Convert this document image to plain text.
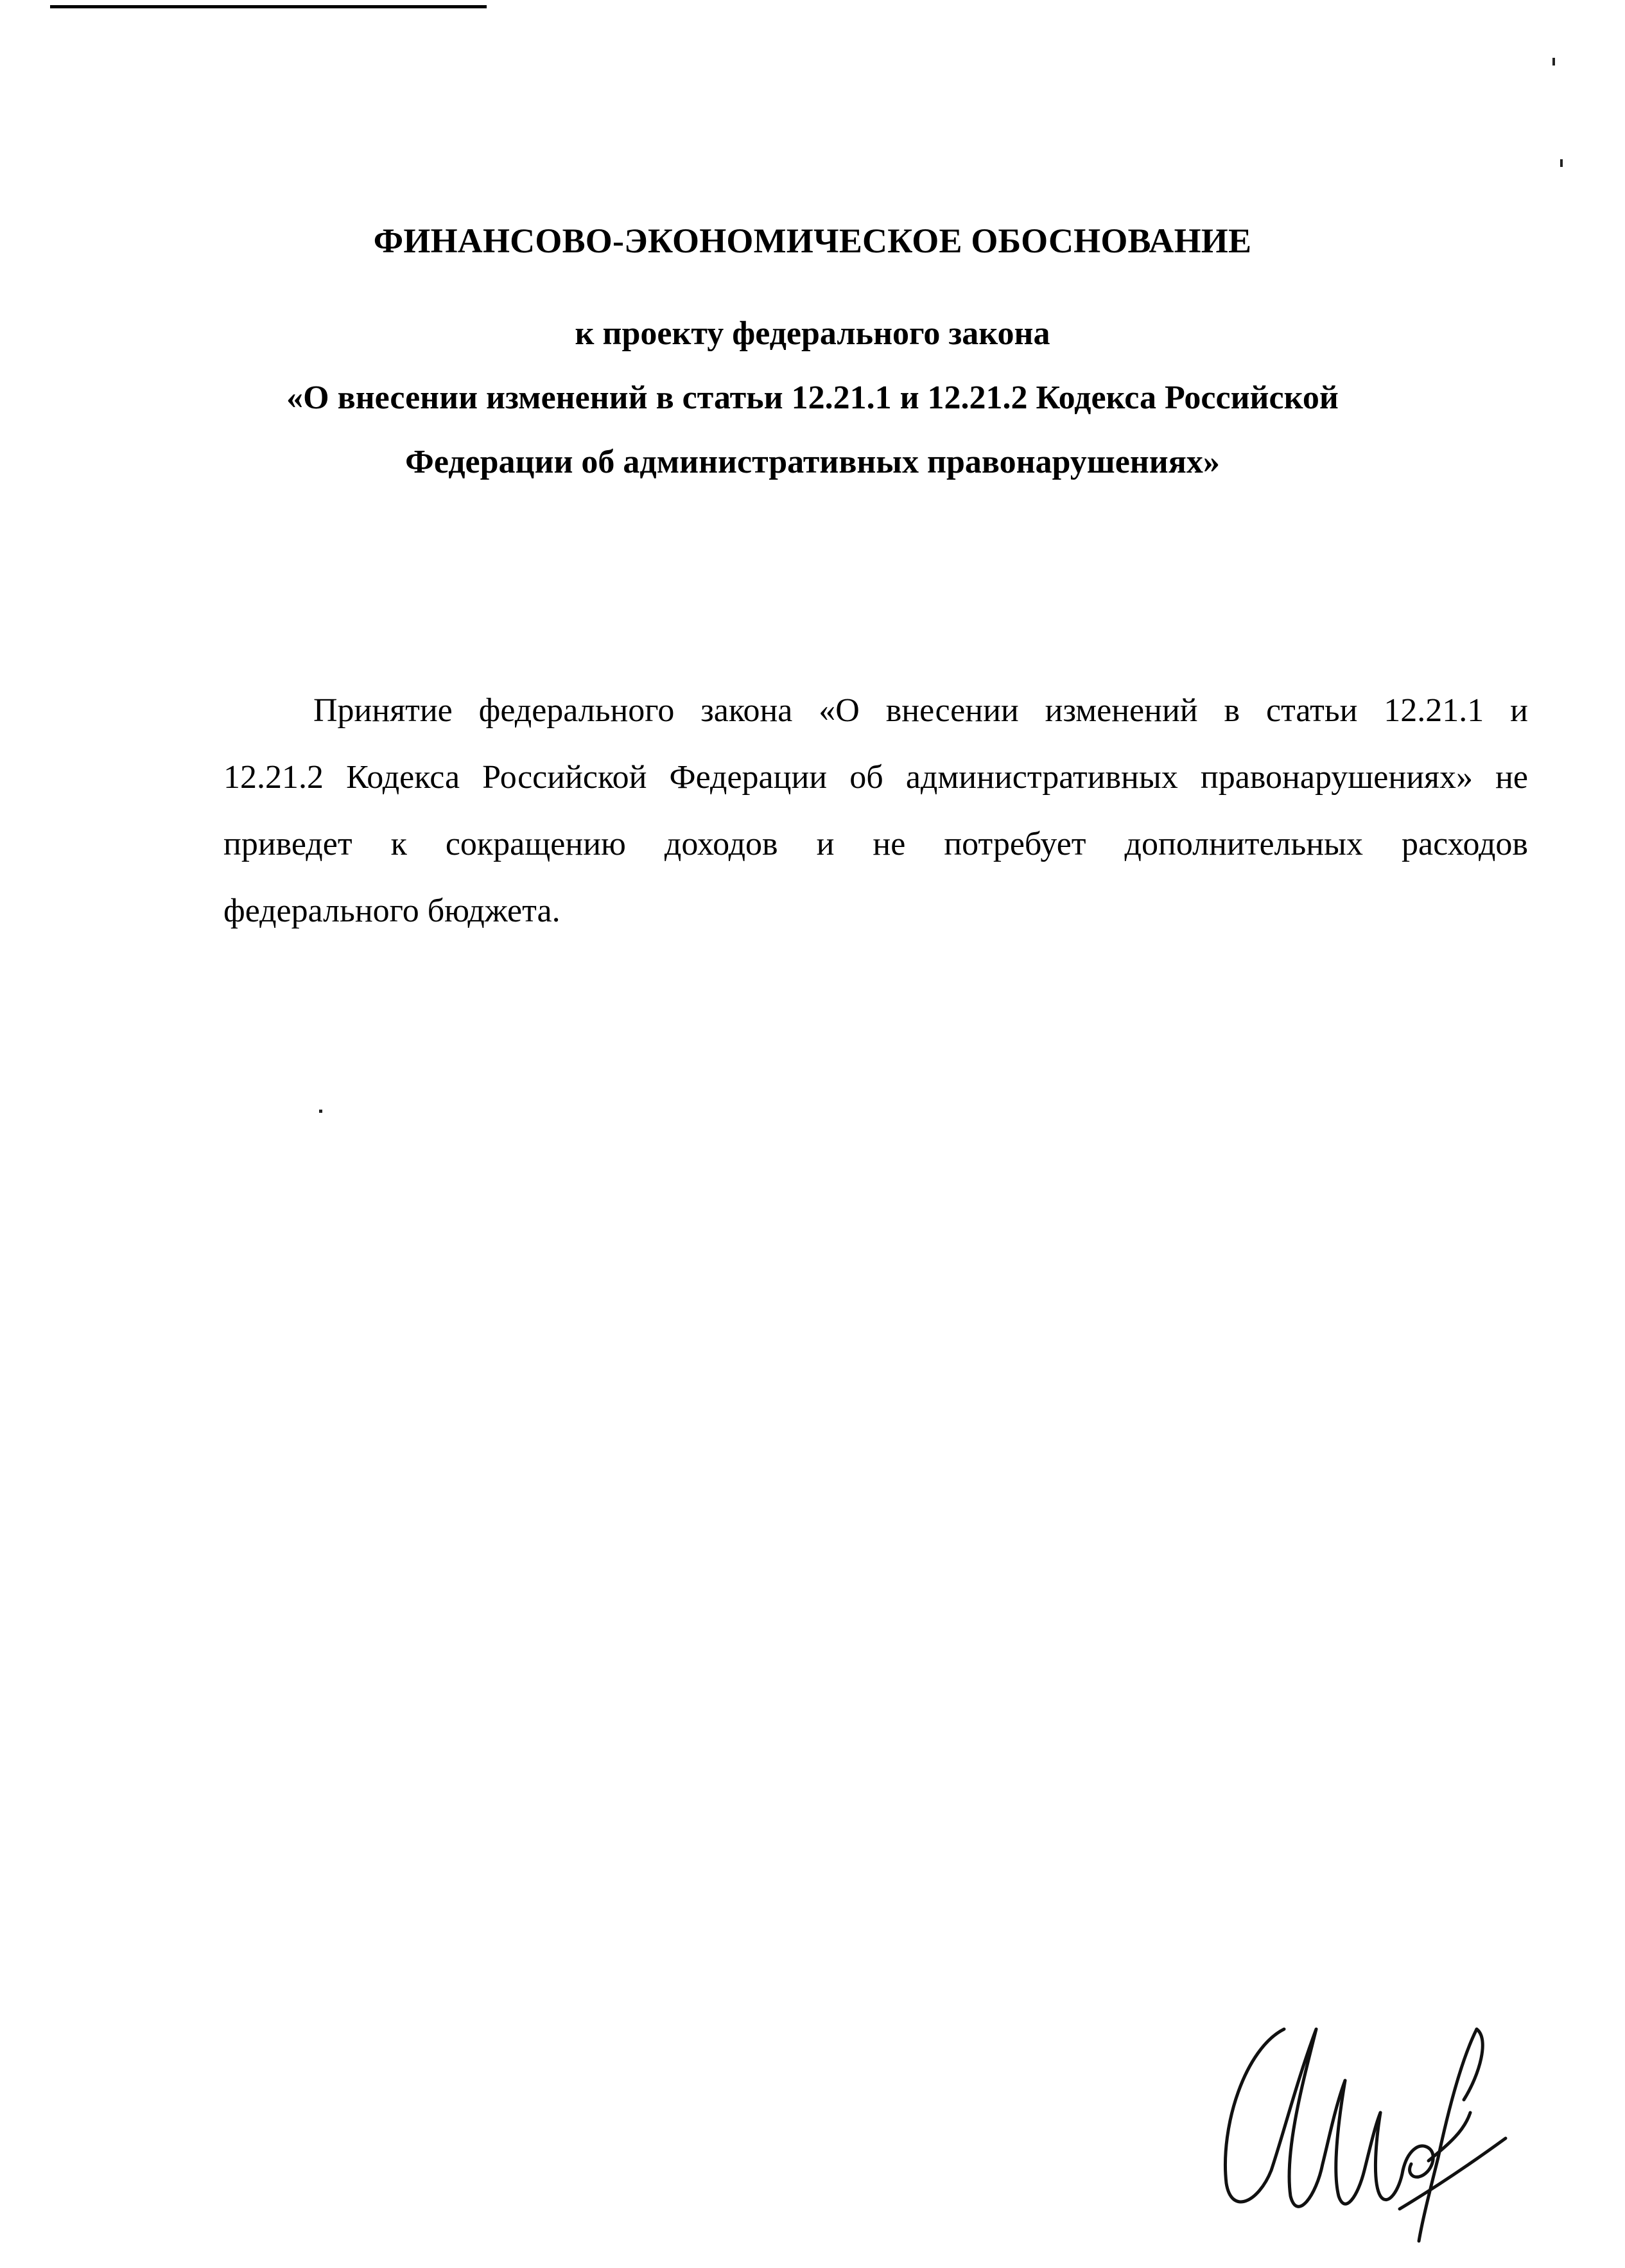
ФИНАНСОВО-ЭКОНОМИЧЕСКОЕ ОБОСНОВАНИЕ
к проекту федерального закона
«О внесении изменений в статьи 12.21.1 и 12.21.2 Кодекса Российской
Федерации об административных правонарушениях»
Принятие федерального закона «О внесении изменений в статьи 12.21.1 и
12.21.2 Кодекса Российской Федерации об административных правонарушениях» не
приведет к сокращению доходов и не потребует дополнительных расходов
федерального бюджета.
